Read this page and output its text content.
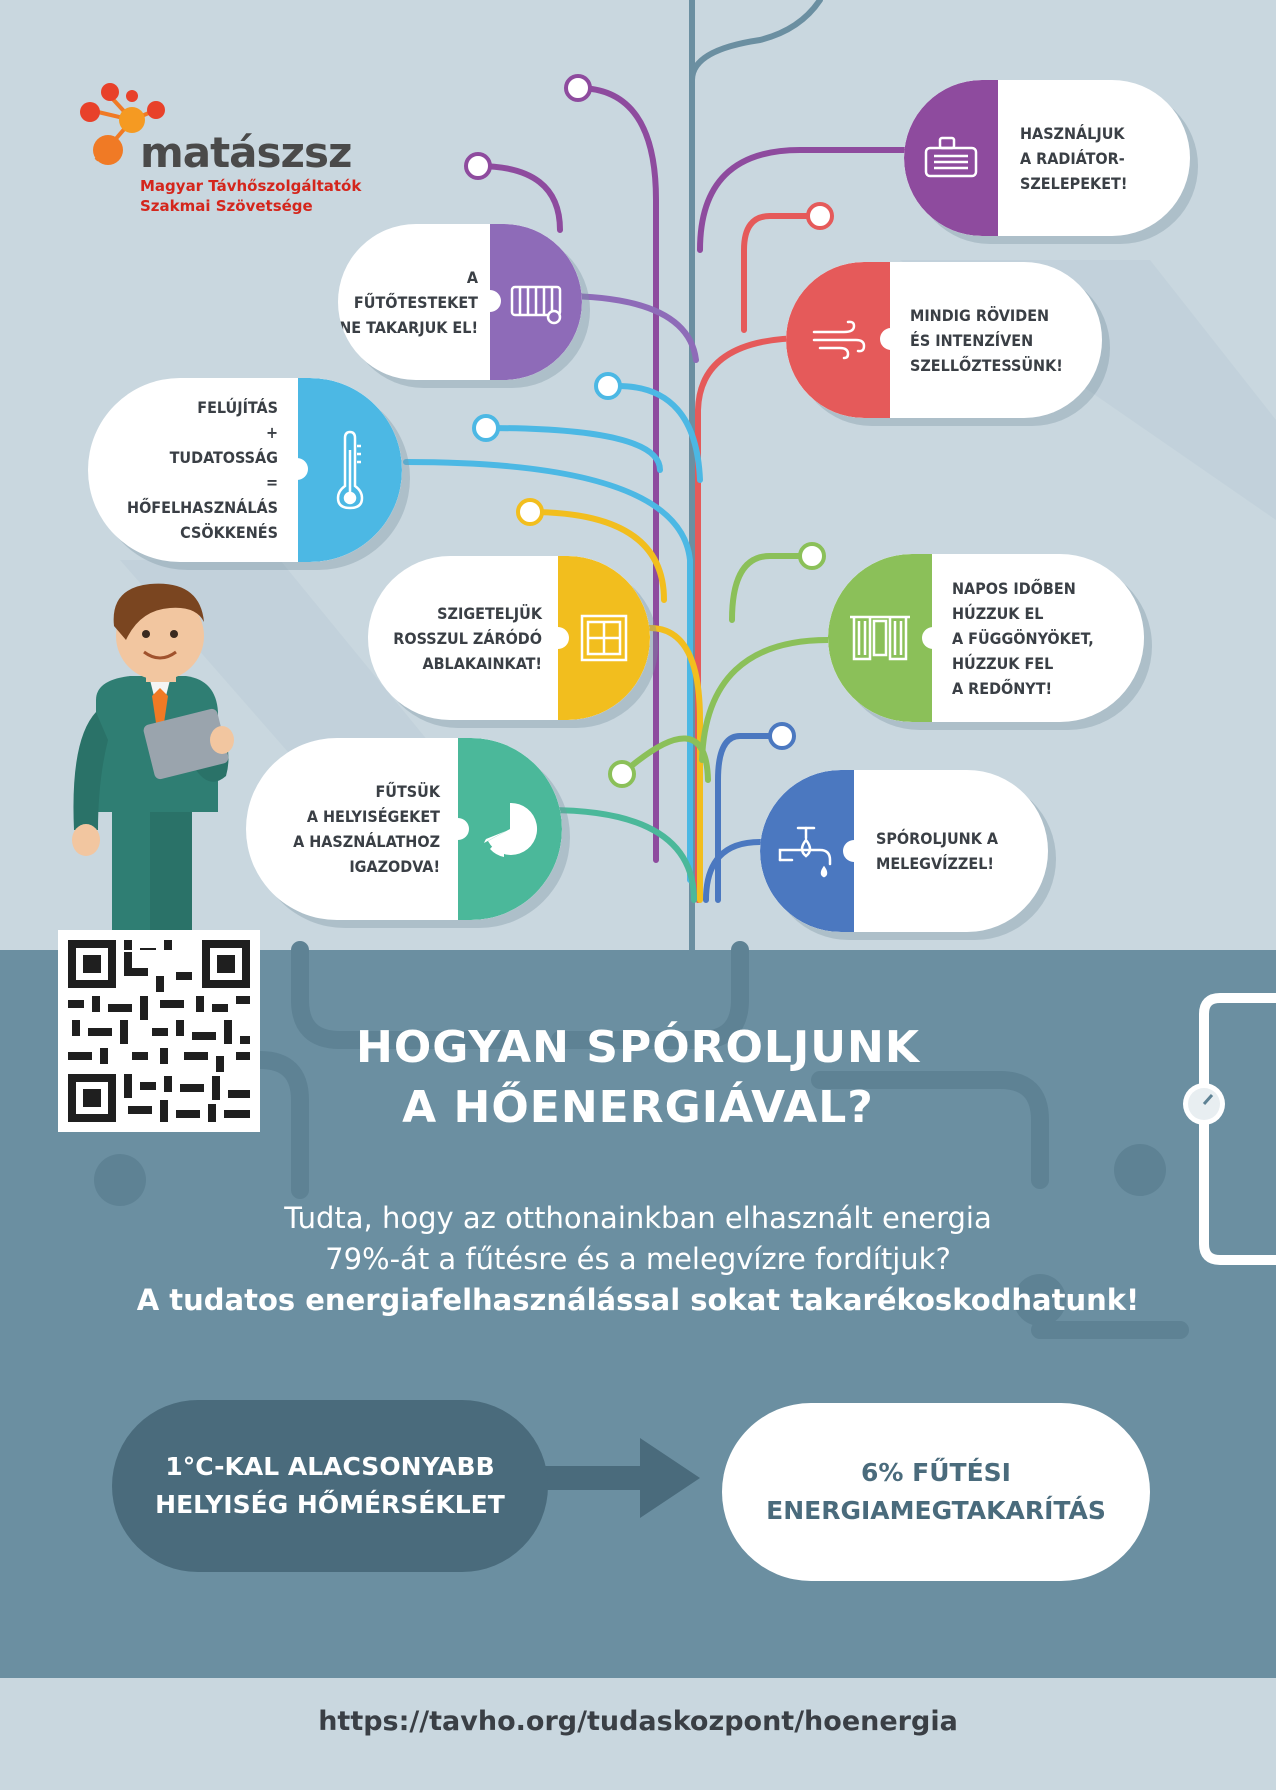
matászsz
Magyar Távhőszolgáltatók
Szakmai Szövetsége
HASZNÁLJUK
A RADIÁTOR-
SZELEPEKET!
A FŰTŐTESTEKET
NE TAKARJUK EL!
MINDIG RÖVIDEN
ÉS INTENZÍVEN
SZELLŐZTESSÜNK!
FELÚJÍTÁS
+
TUDATOSSÁG
=
HŐFELHASZNÁLÁS
CSÖKKENÉS
SZIGETELJÜK
ROSSZUL ZÁRÓDÓ
ABLAKAINKAT!
NAPOS IDŐBEN
HÚZZUK EL
A FÜGGÖNYÖKET,
HÚZZUK FEL
A REDŐNYT!
FŰTSÜK
A HELYISÉGEKET
A HASZNÁLATHOZ
IGAZODVA!
SPÓROLJUNK A
MELEGVÍZZEL!
HOGYAN SPÓROLJUNK
A HŐENERGIÁVAL?
Tudta, hogy az otthonainkban elhasznált energia
79%-át a fűtésre és a melegvízre fordítjuk?
A tudatos energiafelhasználással sokat takarékoskodhatunk!
1°C-KAL ALACSONYABB
HELYISÉG HŐMÉRSÉKLET
6% FŰTÉSI
ENERGIAMEGTAKARÍTÁS
https://tavho.org/tudaskozpont/hoenergia
